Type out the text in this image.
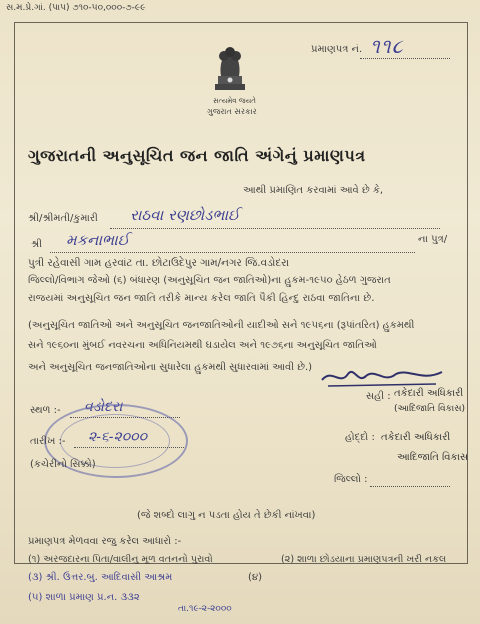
સ.મ.પ્રે.ગાં. (પાપ) ૭૧૦-૫૦,૦૦૦-૭-૯૯
પ્રમાણપત્ર નં. ૧૧૮
સત્યમેવ જયતે
ગુજરાત સરકાર
ગુજરાતની અનુસૂચિત જન જાતિ અંગેનું પ્રમાણપત્ર
આથી પ્રમાણિત કરવામાં આવે છે કે,
શ્રી/શ્રીમતી/કુમારી રાઠવા રણછોડભાઈ
શ્રી મકનાભાઈ	ના પુત્ર/
પુત્રી રહેવાસી ગામ હરવાંટ તા. છોટાઉદેપુર ગામ/નગર જિ.વડોદરા
જિલ્લો/વિભાગ જેઓ (૬) બંધારણ (અનુસૂચિત જન જાતિઓ)ના હુકમ-૧૯૫૦ હેઠળ ગુજરાત
રાજયમાં અનુસૂચિત જન જાતિ તરીકે માન્ય કરેલ જાતિ પૈકી હિન્દુ રાઠવા જાતિના છે.
(અનુસૂચિત જાતિઓ અને અનુસૂચિત જનજાતિઓની યાદીઓ સને ૧૯૫૬ના (રૂપાંતરિત) હુકમથી
સને ૧૯૬૦ના મુંબઈ નવરચના અધિનિયમથી ઘડાયેલ અને ૧૯૭૬ના અનુસૂચિત જાતિઓ
અને અનુસૂચિત જનજાતિઓના સુધારેલા હુકમથી સુધારવામાં આવી છે.)
સ્થળ :- વડોદરા
તારીખ :- ૨-૬-૨૦૦૦
(કચેરીનો સિક્કો)
સહી : તકેદારી અધિકારી
(આદિજાતિ વિકાસ)
હોદ્દો : તકેદારી અધિકારી
આદિજાતિ વિકાસ
જિલ્લો :
(જે શબ્દો લાગુ ન પડતા હોય તે છેકી નાંખવા)
પ્રમાણપત્ર મેળવવા રજુ કરેલ આધારો :-
(૧) અરજદારના પિતા/વાલીનુ મૂળ વતનનો પુરાવો	(૨) શાળા છોડયાના પ્રમાણપત્રની ખરી નકલ
(૩) શ્રી. ઉત્તર.બુ. આદિવાસી આશ્રમ	(૪)
(૫) શાળા પ્રમાણ પ્ર.ન. ૩૩૨
તા.૧૯-૨-૨૦૦૦
